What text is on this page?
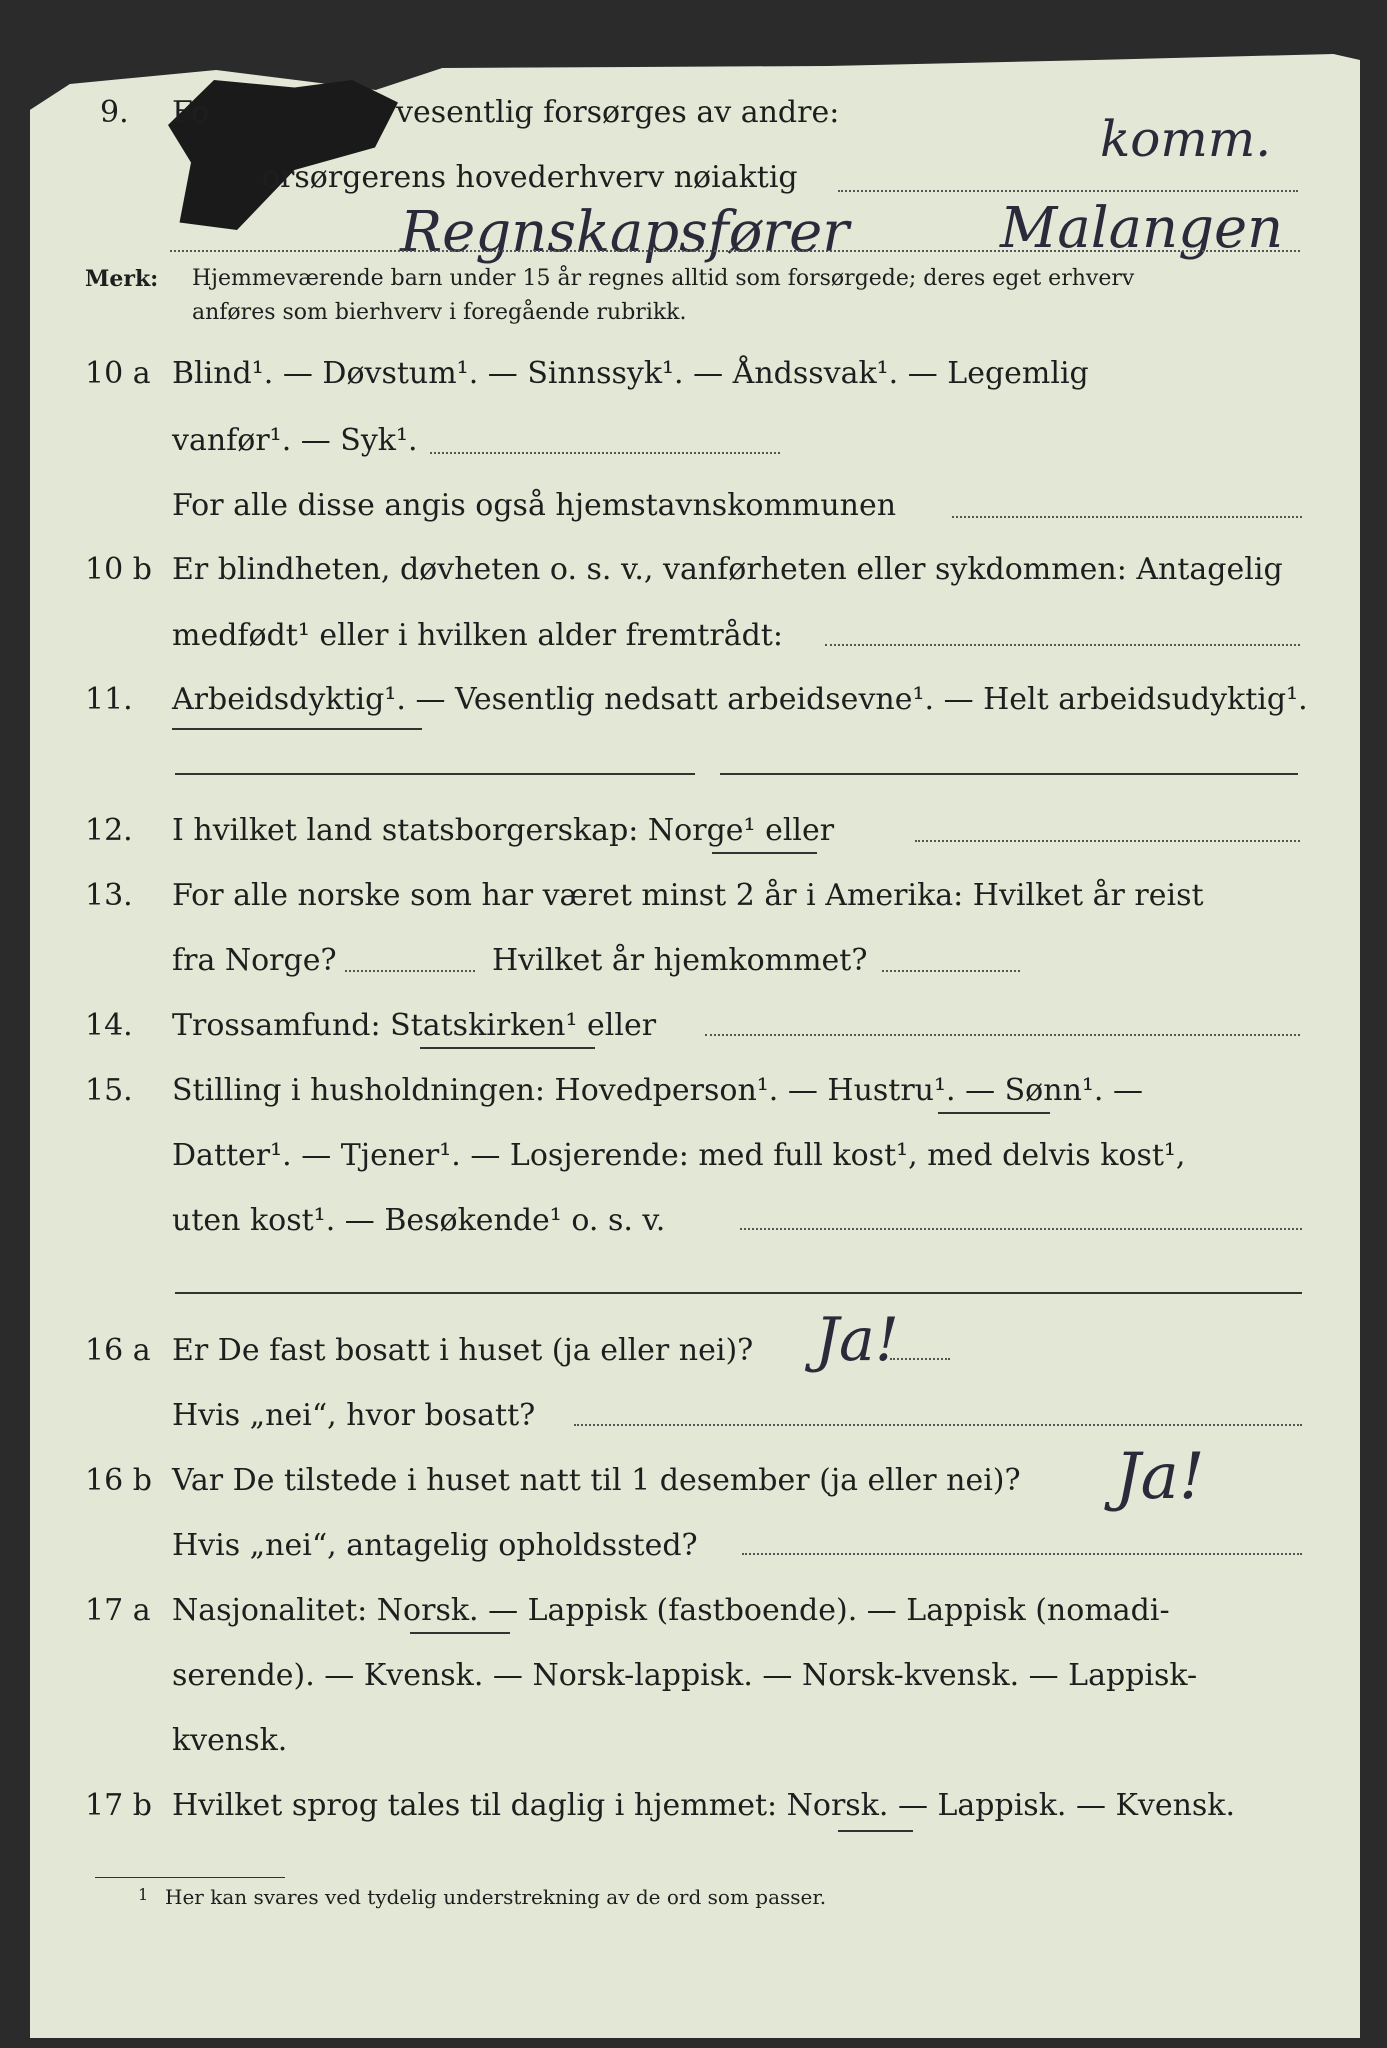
9. Fo	vesentlig forsørges av andre:
orsørgerens hovederhverv nøiaktig
komm.
Regnskapsfører	Malangen
Merk: Hjemmeværende barn under 15 år regnes alltid som forsørgede; deres eget erhverv
anføres som bierhverv i foregående rubrikk.
10 a Blind¹. — Døvstum¹. — Sinnssyk¹. — Åndssvak¹. — Legemlig
vanfør¹. — Syk¹.
For alle disse angis også hjemstavnskommunen
10 b Er blindheten, døvheten o. s. v., vanførheten eller sykdommen: Antagelig
medfødt¹ eller i hvilken alder fremtrådt:
11. Arbeidsdyktig¹. — Vesentlig nedsatt arbeidsevne¹. — Helt arbeidsudyktig¹.
12. I hvilket land statsborgerskap: Norge¹ eller
13. For alle norske som har været minst 2 år i Amerika: Hvilket år reist
fra Norge?	Hvilket år hjemkommet?
14. Trossamfund: Statskirken¹ eller
15. Stilling i husholdningen: Hovedperson¹. — Hustru¹. — Sønn¹. —
Datter¹. — Tjener¹. — Losjerende: med full kost¹, med delvis kost¹,
uten kost¹. — Besøkende¹ o. s. v.
16 a Er De fast bosatt i huset (ja eller nei)? Ja!
Hvis „nei“, hvor bosatt?
16 b Var De tilstede i huset natt til 1 desember (ja eller nei)? Ja!
Hvis „nei“, antagelig opholdssted?
17 a Nasjonalitet: Norsk. — Lappisk (fastboende). — Lappisk (nomadi-
serende). — Kvensk. — Norsk-lappisk. — Norsk-kvensk. — Lappisk-
kvensk.
17 b Hvilket sprog tales til daglig i hjemmet: Norsk. — Lappisk. — Kvensk.
1 Her kan svares ved tydelig understrekning av de ord som passer.
